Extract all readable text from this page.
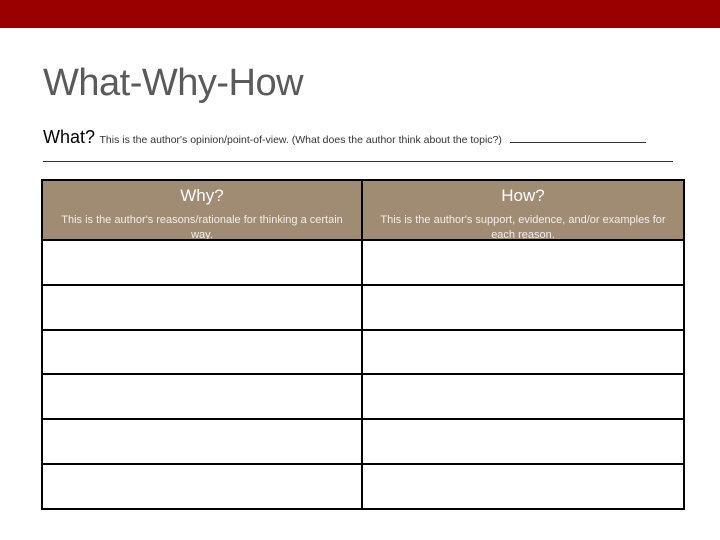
What-Why-How
What? This is the author's opinion/point-of-view. (What does the author think about the topic?)
Why?
This is the author's reasons/rationale for thinking a certain way.
How?
This is the author's support, evidence, and/or examples for each reason.
